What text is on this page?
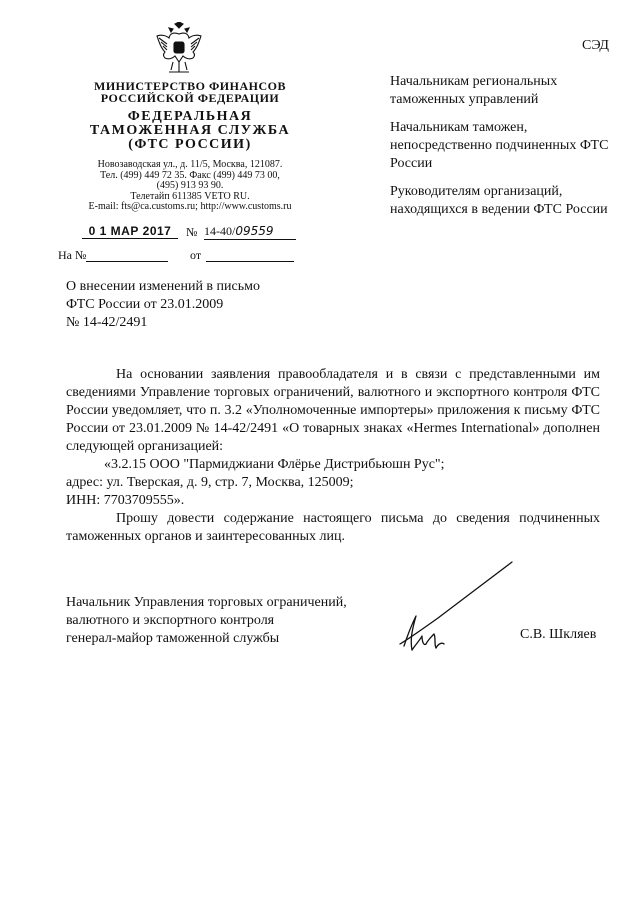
СЭД
МИНИСТЕРСТВО ФИНАНСОВ
РОССИЙСКОЙ ФЕДЕРАЦИИ
ФЕДЕРАЛЬНАЯ
ТАМОЖЕННАЯ СЛУЖБА
(ФТС РОССИИ)
Новозаводская ул., д. 11/5, Москва, 121087.
Тел. (499) 449 72 35. Факс (499) 449 73 00,
(495) 913 93 90.
Телетайп 611385 VETO RU.
E-mail: fts@ca.customs.ru; http://www.customs.ru
0 1 МАР 2017	№ 14-40/09559
На №	от

Начальникам региональных таможенных управлений

Начальникам таможен, непосредственно подчиненных ФТС России

Руководителям организаций, находящихся в ведении ФТС России

О внесении изменений в письмо
ФТС России от 23.01.2009
№ 14-42/2491

На основании заявления правообладателя и в связи с представленными им сведениями Управление торговых ограничений, валютного и экспортного контроля ФТС России уведомляет, что п. 3.2 «Уполномоченные импортеры» приложения к письму ФТС России от 23.01.2009 № 14-42/2491 «О товарных знаках «Hermes International» дополнен следующей организацией:

«3.2.15 ООО "Пармиджиани Флёрье Дистрибьюшн Рус";

адрес: ул. Тверская, д. 9, стр. 7, Москва, 125009;

ИНН: 7703709555».

Прошу довести содержание настоящего письма до сведения подчиненных таможенных органов и заинтересованных лиц.

Начальник Управления торговых ограничений,
валютного и экспортного контроля
генерал-майор таможенной службы	С.В. Шкляев
